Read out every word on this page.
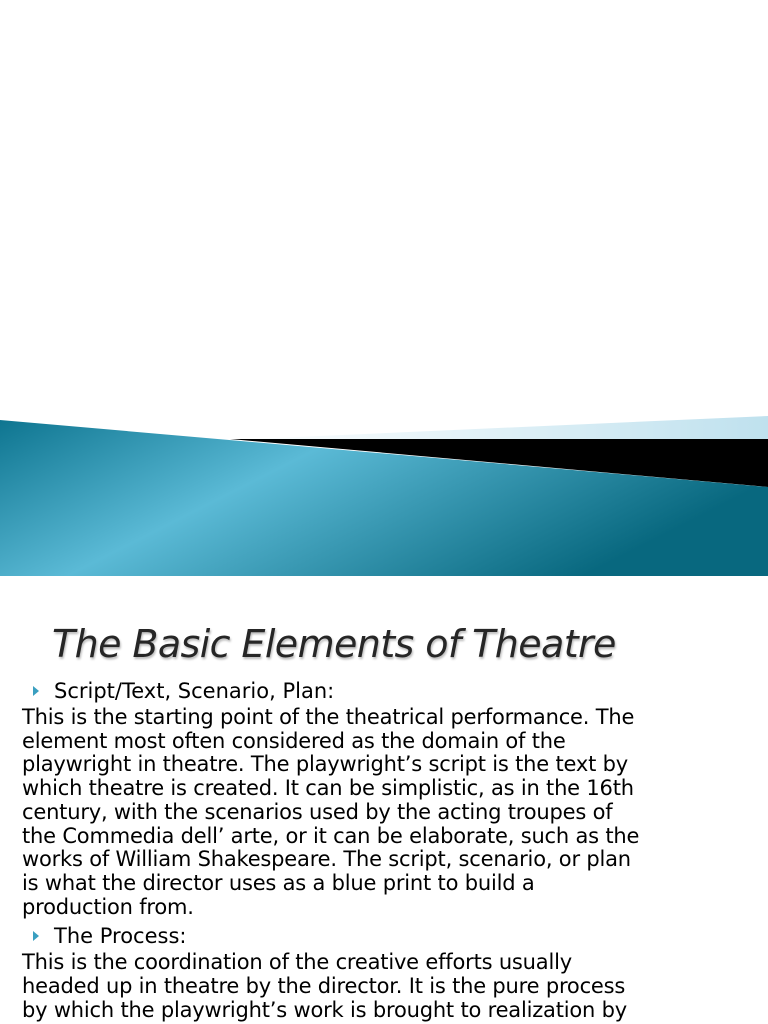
The Basic Elements of Theatre
Script/Text, Scenario, Plan:
This is the starting point of the theatrical performance. The
element most often considered as the domain of the
playwright in theatre. The playwright’s script is the text by
which theatre is created. It can be simplistic, as in the 16th
century, with the scenarios used by the acting troupes of
the Commedia dell’ arte, or it can be elaborate, such as the
works of William Shakespeare. The script, scenario, or plan
is what the director uses as a blue print to build a
production from.
The Process:
This is the coordination of the creative efforts usually
headed up in theatre by the director. It is the pure process
by which the playwright’s work is brought to realization by
